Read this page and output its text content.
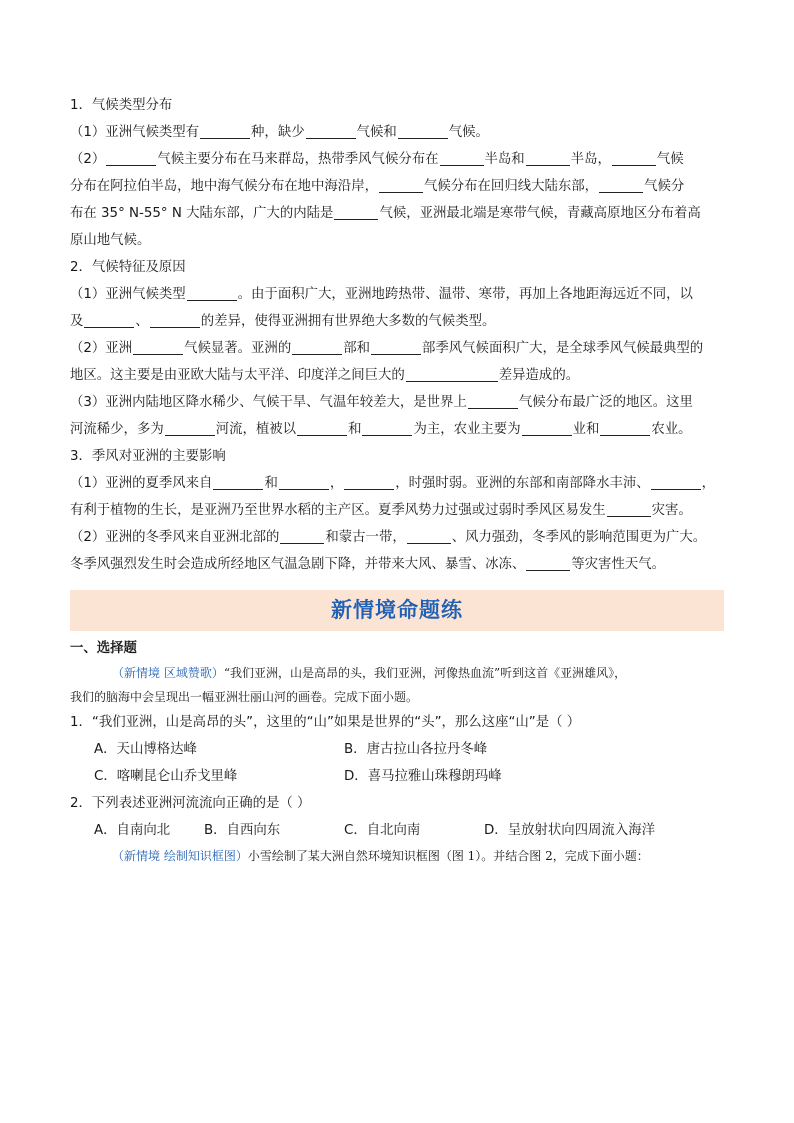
1．气候类型分布
（1）亚洲气候类型有	种，缺少	气候和	气候。
（2）	气候主要分布在马来群岛，热带季风气候分布在	半岛和	半岛，	气候
分布在阿拉伯半岛，地中海气候分布在地中海沿岸，	气候分布在回归线大陆东部，	气候分
布在 35° N-55° N 大陆东部，广大的内陆是	气候，亚洲最北端是寒带气候，青藏高原地区分布着高
原山地气候。
2．气候特征及原因
（1）亚洲气候类型	。由于面积广大，亚洲地跨热带、温带、寒带，再加上各地距海远近不同，以
及	、	的差异，使得亚洲拥有世界绝大多数的气候类型。
（2）亚洲	气候显著。亚洲的	部和	部季风气候面积广大，是全球季风气候最典型的
地区。这主要是由亚欧大陆与太平洋、印度洋之间巨大的	差异造成的。
（3）亚洲内陆地区降水稀少、气候干旱、气温年较差大，是世界上	气候分布最广泛的地区。这里
河流稀少，多为	河流，植被以	和	为主，农业主要为	业和	农业。
3．季风对亚洲的主要影响
（1）亚洲的夏季风来自	和	，	，时强时弱。亚洲的东部和南部降水丰沛、	，
有利于植物的生长，是亚洲乃至世界水稻的主产区。夏季风势力过强或过弱时季风区易发生	灾害。
（2）亚洲的冬季风来自亚洲北部的	和蒙古一带，	、风力强劲，冬季风的影响范围更为广大。
冬季风强烈发生时会造成所经地区气温急剧下降，并带来大风、暴雪、冰冻、	等灾害性天气。
新情境命题练
一、选择题
（新情境 区域赞歌）“我们亚洲，山是高昂的头，我们亚洲，河像热血流”听到这首《亚洲雄风》，
我们的脑海中会呈现出一幅亚洲壮丽山河的画卷。完成下面小题。
1．“我们亚洲，山是高昂的头”，这里的“山”如果是世界的“头”，那么这座“山”是（ ）
A．天山博格达峰	B．唐古拉山各拉丹冬峰
C．喀喇昆仑山乔戈里峰	D．喜马拉雅山珠穆朗玛峰
2．下列表述亚洲河流流向正确的是（ ）
A．自南向北	B．自西向东	C．自北向南	D．呈放射状向四周流入海洋
（新情境 绘制知识框图）小雪绘制了某大洲自然环境知识框图（图 1）。并结合图 2，完成下面小题：
